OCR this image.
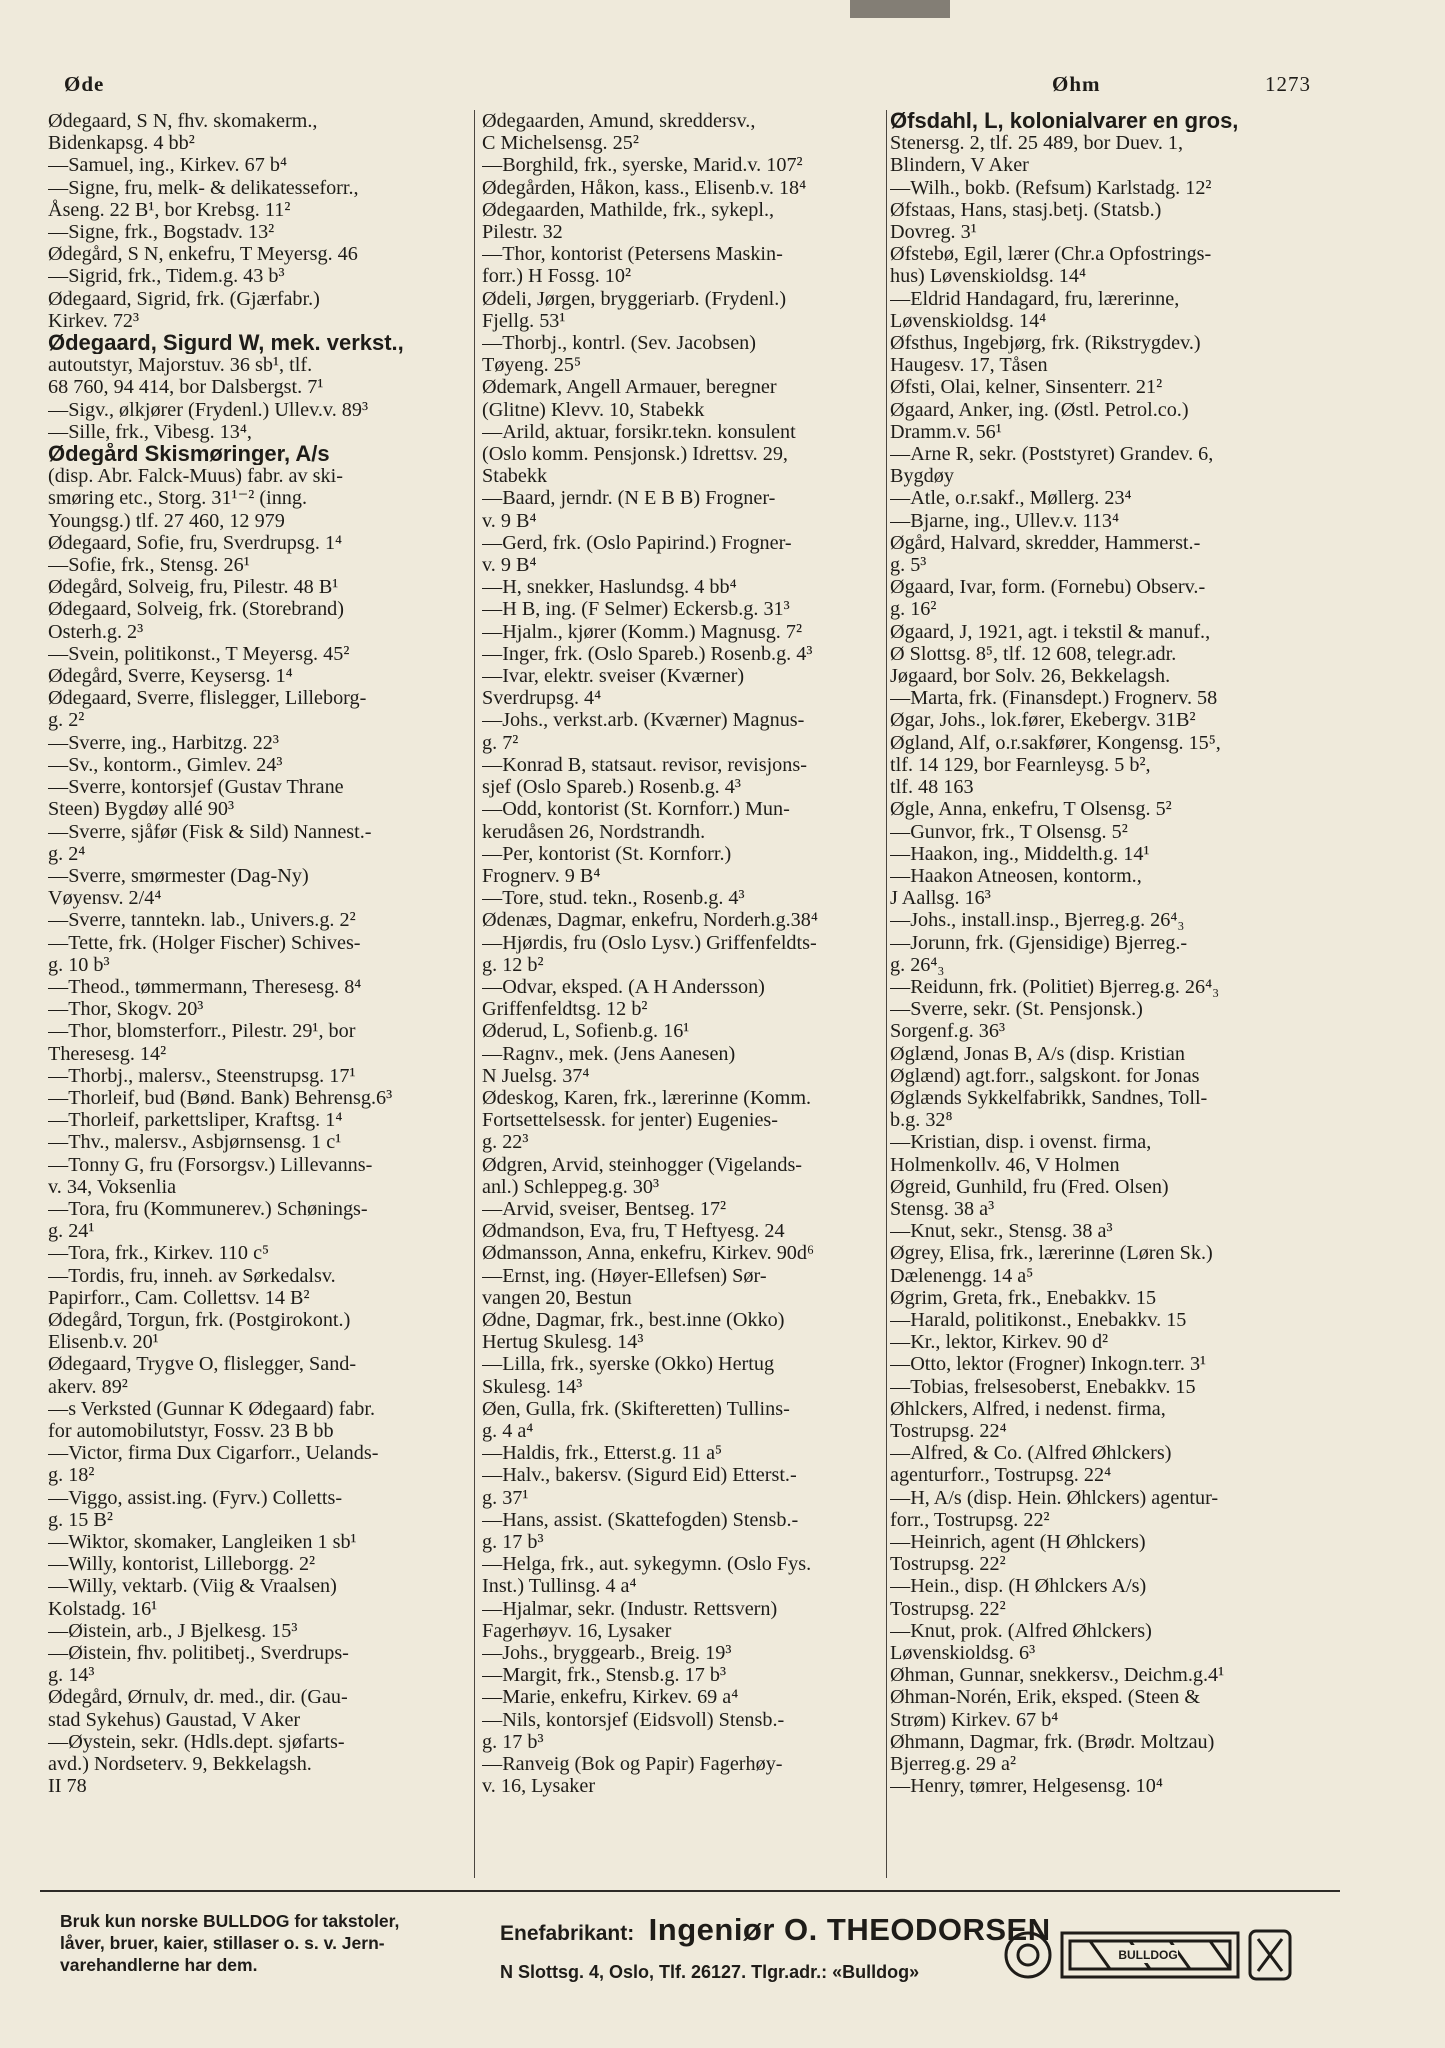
Øde	Øhm	1273
Ødegaard, S N, fhv. skomakerm.,
Bidenkapsg. 4 bb²
—Samuel, ing., Kirkev. 67 b⁴
—Signe, fru, melk- & delikatesseforr.,
Åseng. 22 B¹, bor Krebsg. 11²
—Signe, frk., Bogstadv. 13²
Ødegård, S N, enkefru, T Meyersg. 46
—Sigrid, frk., Tidem.g. 43 b³
Ødegaard, Sigrid, frk. (Gjærfabr.)
Kirkev. 72³
Ødegaard, Sigurd W, mek. verkst.,
autoutstyr, Majorstuv. 36 sb¹, tlf.
68 760, 94 414, bor Dalsbergst. 7¹
—Sigv., ølkjører (Frydenl.) Ullev.v. 89³
—Sille, frk., Vibesg. 13⁴,
Ødegård Skismøringer, A/s
(disp. Abr. Falck-Muus) fabr. av ski-
smøring etc., Storg. 31¹⁻² (inng.
Youngsg.) tlf. 27 460, 12 979
Ødegaard, Sofie, fru, Sverdrupsg. 1⁴
—Sofie, frk., Stensg. 26¹
Ødegård, Solveig, fru, Pilestr. 48 B¹
Ødegaard, Solveig, frk. (Storebrand)
Osterh.g. 2³
—Svein, politikonst., T Meyersg. 45²
Ødegård, Sverre, Keysersg. 1⁴
Ødegaard, Sverre, flislegger, Lilleborg-
g. 2²
—Sverre, ing., Harbitzg. 22³
—Sv., kontorm., Gimlev. 24³
—Sverre, kontorsjef (Gustav Thrane
Steen) Bygdøy allé 90³
—Sverre, sjåfør (Fisk & Sild) Nannest.-
g. 2⁴
—Sverre, smørmester (Dag-Ny)
Vøyensv. 2/4⁴
—Sverre, tanntekn. lab., Univers.g. 2²
—Tette, frk. (Holger Fischer) Schives-
g. 10 b³
—Theod., tømmermann, Theresesg. 8⁴
—Thor, Skogv. 20³
—Thor, blomsterforr., Pilestr. 29¹, bor
Theresesg. 14²
—Thorbj., malersv., Steenstrupsg. 17¹
—Thorleif, bud (Bønd. Bank) Behrensg.6³
—Thorleif, parkettsliper, Kraftsg. 1⁴
—Thv., malersv., Asbjørnsensg. 1 c¹
—Tonny G, fru (Forsorgsv.) Lillevanns-
v. 34, Voksenlia
—Tora, fru (Kommunerev.) Schønings-
g. 24¹
—Tora, frk., Kirkev. 110 c⁵
—Tordis, fru, inneh. av Sørkedalsv.
Papirforr., Cam. Collettsv. 14 B²
Ødegård, Torgun, frk. (Postgirokont.)
Elisenb.v. 20¹
Ødegaard, Trygve O, flislegger, Sand-
akerv. 89²
—s Verksted (Gunnar K Ødegaard) fabr.
for automobilutstyr, Fossv. 23 B bb
—Victor, firma Dux Cigarforr., Uelands-
g. 18²
—Viggo, assist.ing. (Fyrv.) Colletts-
g. 15 B²
—Wiktor, skomaker, Langleiken 1 sb¹
—Willy, kontorist, Lilleborgg. 2²
—Willy, vektarb. (Viig & Vraalsen)
Kolstadg. 16¹
—Øistein, arb., J Bjelkesg. 15³
—Øistein, fhv. politibetj., Sverdrups-
g. 14³
Ødegård, Ørnulv, dr. med., dir. (Gau-
stad Sykehus) Gaustad, V Aker
—Øystein, sekr. (Hdls.dept. sjøfarts-
avd.) Nordseterv. 9, Bekkelagsh.
II 78
Ødegaarden, Amund, skreddersv.,
C Michelsensg. 25²
—Borghild, frk., syerske, Marid.v. 107²
Ødegården, Håkon, kass., Elisenb.v. 18⁴
Ødegaarden, Mathilde, frk., sykepl.,
Pilestr. 32
—Thor, kontorist (Petersens Maskin-
forr.) H Fossg. 10²
Ødeli, Jørgen, bryggeriarb. (Frydenl.)
Fjellg. 53¹
—Thorbj., kontrl. (Sev. Jacobsen)
Tøyeng. 25⁵
Ødemark, Angell Armauer, beregner
(Glitne) Klevv. 10, Stabekk
—Arild, aktuar, forsikr.tekn. konsulent
(Oslo komm. Pensjonsk.) Idrettsv. 29,
Stabekk
—Baard, jerndr. (N E B B) Frogner-
v. 9 B⁴
—Gerd, frk. (Oslo Papirind.) Frogner-
v. 9 B⁴
—H, snekker, Haslundsg. 4 bb⁴
—H B, ing. (F Selmer) Eckersb.g. 31³
—Hjalm., kjører (Komm.) Magnusg. 7²
—Inger, frk. (Oslo Spareb.) Rosenb.g. 4³
—Ivar, elektr. sveiser (Kværner)
Sverdrupsg. 4⁴
—Johs., verkst.arb. (Kværner) Magnus-
g. 7²
—Konrad B, statsaut. revisor, revisjons-
sjef (Oslo Spareb.) Rosenb.g. 4³
—Odd, kontorist (St. Kornforr.) Mun-
kerudåsen 26, Nordstrandh.
—Per, kontorist (St. Kornforr.)
Frognerv. 9 B⁴
—Tore, stud. tekn., Rosenb.g. 4³
Ødenæs, Dagmar, enkefru, Norderh.g.38⁴
—Hjørdis, fru (Oslo Lysv.) Griffenfeldts-
g. 12 b²
—Odvar, eksped. (A H Andersson)
Griffenfeldtsg. 12 b²
Øderud, L, Sofienb.g. 16¹
—Ragnv., mek. (Jens Aanesen)
N Juelsg. 37⁴
Ødeskog, Karen, frk., lærerinne (Komm.
Fortsettelsessk. for jenter) Eugenies-
g. 22³
Ødgren, Arvid, steinhogger (Vigelands-
anl.) Schleppeg.g. 30³
—Arvid, sveiser, Bentseg. 17²
Ødmandson, Eva, fru, T Heftyesg. 24
Ødmansson, Anna, enkefru, Kirkev. 90d⁶
—Ernst, ing. (Høyer-Ellefsen) Sør-
vangen 20, Bestun
Ødne, Dagmar, frk., best.inne (Okko)
Hertug Skulesg. 14³
—Lilla, frk., syerske (Okko) Hertug
Skulesg. 14³
Øen, Gulla, frk. (Skifteretten) Tullins-
g. 4 a⁴
—Haldis, frk., Etterst.g. 11 a⁵
—Halv., bakersv. (Sigurd Eid) Etterst.-
g. 37¹
—Hans, assist. (Skattefogden) Stensb.-
g. 17 b³
—Helga, frk., aut. sykegymn. (Oslo Fys.
Inst.) Tullinsg. 4 a⁴
—Hjalmar, sekr. (Industr. Rettsvern)
Fagerhøyv. 16, Lysaker
—Johs., bryggearb., Breig. 19³
—Margit, frk., Stensb.g. 17 b³
—Marie, enkefru, Kirkev. 69 a⁴
—Nils, kontorsjef (Eidsvoll) Stensb.-
g. 17 b³
—Ranveig (Bok og Papir) Fagerhøy-
v. 16, Lysaker
Øfsdahl, L, kolonialvarer en gros,
Stenersg. 2, tlf. 25 489, bor Duev. 1,
Blindern, V Aker
—Wilh., bokb. (Refsum) Karlstadg. 12²
Øfstaas, Hans, stasj.betj. (Statsb.)
Dovreg. 3¹
Øfstebø, Egil, lærer (Chr.a Opfostrings-
hus) Løvenskioldsg. 14⁴
—Eldrid Handagard, fru, lærerinne,
Løvenskioldsg. 14⁴
Øfsthus, Ingebjørg, frk. (Rikstrygdev.)
Haugesv. 17, Tåsen
Øfsti, Olai, kelner, Sinsenterr. 21²
Øgaard, Anker, ing. (Østl. Petrol.co.)
Dramm.v. 56¹
—Arne R, sekr. (Poststyret) Grandev. 6,
Bygdøy
—Atle, o.r.sakf., Møllerg. 23⁴
—Bjarne, ing., Ullev.v. 113⁴
Øgård, Halvard, skredder, Hammerst.-
g. 5³
Øgaard, Ivar, form. (Fornebu) Observ.-
g. 16²
Øgaard, J, 1921, agt. i tekstil & manuf.,
Ø Slottsg. 8⁵, tlf. 12 608, telegr.adr.
Jøgaard, bor Solv. 26, Bekkelagsh.
—Marta, frk. (Finansdept.) Frognerv. 58
Øgar, Johs., lok.fører, Ekebergv. 31B²
Øgland, Alf, o.r.sakfører, Kongensg. 15⁵,
tlf. 14 129, bor Fearnleysg. 5 b²,
tlf. 48 163
Øgle, Anna, enkefru, T Olsensg. 5²
—Gunvor, frk., T Olsensg. 5²
—Haakon, ing., Middelth.g. 14¹
—Haakon Atneosen, kontorm.,
J Aallsg. 16³
—Johs., install.insp., Bjerreg.g. 26⁴₃
—Jorunn, frk. (Gjensidige) Bjerreg.-
g. 26⁴₃
—Reidunn, frk. (Politiet) Bjerreg.g. 26⁴₃
—Sverre, sekr. (St. Pensjonsk.)
Sorgenf.g. 36³
Øglænd, Jonas B, A/s (disp. Kristian
Øglænd) agt.forr., salgskont. for Jonas
Øglænds Sykkelfabrikk, Sandnes, Toll-
b.g. 32⁸
—Kristian, disp. i ovenst. firma,
Holmenkollv. 46, V Holmen
Øgreid, Gunhild, fru (Fred. Olsen)
Stensg. 38 a³
—Knut, sekr., Stensg. 38 a³
Øgrey, Elisa, frk., lærerinne (Løren Sk.)
Dælenengg. 14 a⁵
Øgrim, Greta, frk., Enebakkv. 15
—Harald, politikonst., Enebakkv. 15
—Kr., lektor, Kirkev. 90 d²
—Otto, lektor (Frogner) Inkogn.terr. 3¹
—Tobias, frelsesoberst, Enebakkv. 15
Øhlckers, Alfred, i nedenst. firma,
Tostrupsg. 22⁴
—Alfred, & Co. (Alfred Øhlckers)
agenturforr., Tostrupsg. 22⁴
—H, A/s (disp. Hein. Øhlckers) agentur-
forr., Tostrupsg. 22²
—Heinrich, agent (H Øhlckers)
Tostrupsg. 22²
—Hein., disp. (H Øhlckers A/s)
Tostrupsg. 22²
—Knut, prok. (Alfred Øhlckers)
Løvenskioldsg. 6³
Øhman, Gunnar, snekkersv., Deichm.g.4¹
Øhman-Norén, Erik, eksped. (Steen &
Strøm) Kirkev. 67 b⁴
Øhmann, Dagmar, frk. (Brødr. Moltzau)
Bjerreg.g. 29 a²
—Henry, tømrer, Helgesensg. 10⁴
Bruk kun norske BULLDOG for takstoler,
låver, bruer, kaier, stillaser o. s. v. Jern-
varehandlerne har dem.
Enefabrikant: Ingeniør O. THEODORSEN
N Slottsg. 4, Oslo, Tlf. 26127. Tlgr.adr.: «Bulldog»
BULLDOG
